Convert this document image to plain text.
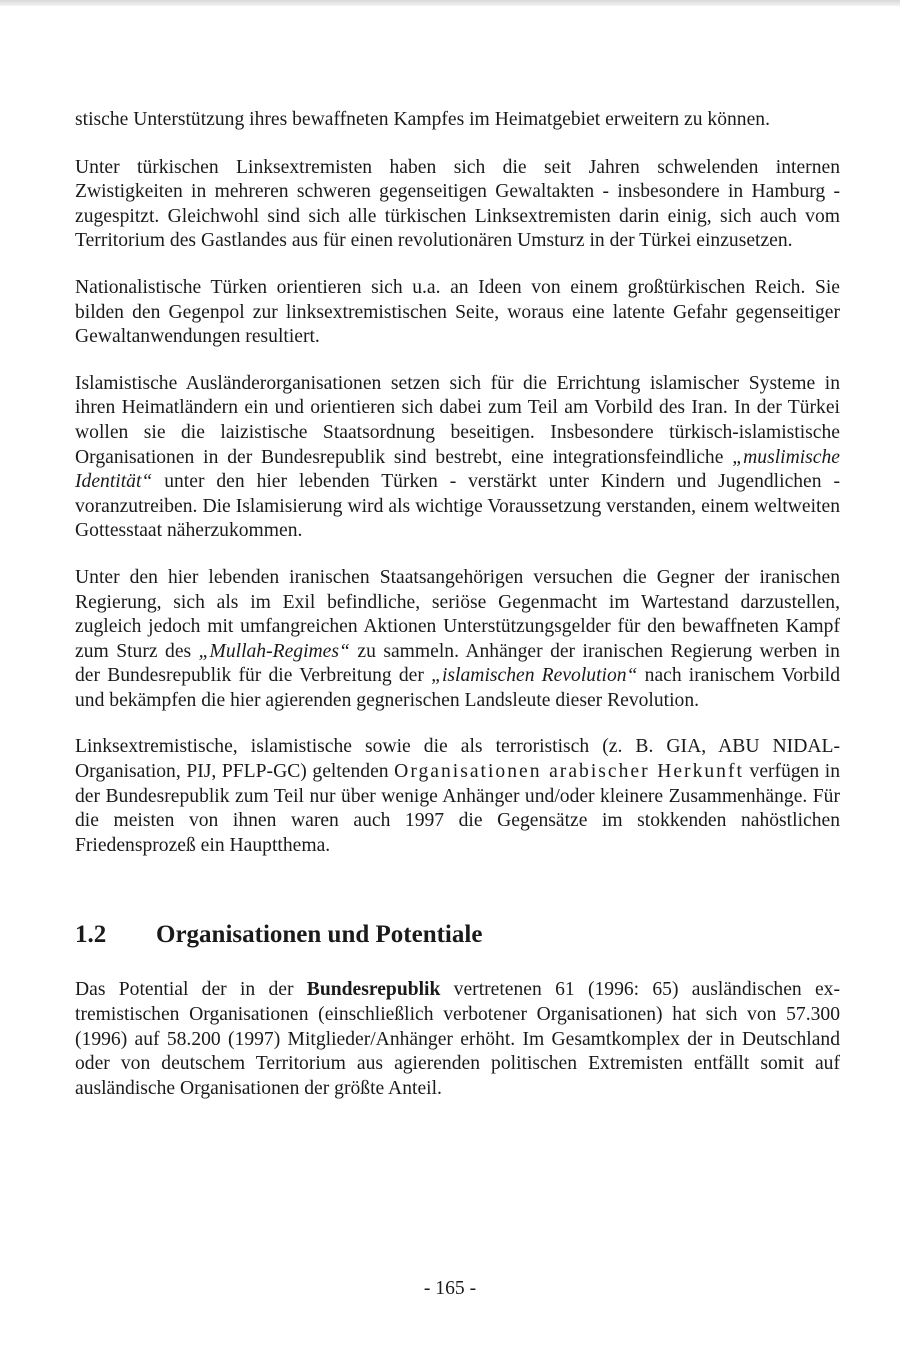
stische Unterstützung ihres bewaffneten Kampfes im Heimatgebiet erweitern zu können.

Unter türkischen Linksextremisten haben sich die seit Jahren schwelenden internen Zwistigkeiten in mehreren schweren gegenseitigen Gewaltakten - insbesondere in Hamburg - zugespitzt. Gleichwohl sind sich alle türkischen Linksextremisten darin einig, sich auch vom Territorium des Gastlandes aus für einen revolutionären Umsturz in der Türkei einzusetzen.

Nationalistische Türken orientieren sich u.a. an Ideen von einem großtürkischen Reich. Sie bilden den Gegenpol zur linksextremistischen Seite, woraus eine latente Gefahr gegenseitiger Gewaltanwendungen resultiert.

Islamistische Ausländerorganisationen setzen sich für die Errichtung islamischer Systeme in ihren Heimatländern ein und orientieren sich dabei zum Teil am Vorbild des Iran. In der Türkei wollen sie die laizistische Staatsordnung beseitigen. Insbesondere türkisch-islamistische Organisationen in der Bundesrepublik sind bestrebt, eine integrationsfeindliche „muslimische Identität“ unter den hier lebenden Türken - verstärkt unter Kindern und Jugendlichen - voranzutreiben. Die Islamisierung wird als wichtige Voraussetzung verstanden, einem weltweiten Gottesstaat näherzukommen.

Unter den hier lebenden iranischen Staatsangehörigen versuchen die Gegner der iranischen Regierung, sich als im Exil befindliche, seriöse Gegenmacht im Wartestand darzustellen, zugleich jedoch mit umfangreichen Aktionen Unterstützungsgelder für den bewaffneten Kampf zum Sturz des „Mullah-Regimes“ zu sammeln. Anhänger der iranischen Regierung werben in der Bundesrepublik für die Verbreitung der „islamischen Revolution“ nach iranischem Vorbild und bekämpfen die hier agierenden gegnerischen Landsleute dieser Revolution.

Linksextremistische, islamistische sowie die als terroristisch (z. B. GIA, ABU NIDAL-Organisation, PIJ, PFLP-GC) geltenden Organisationen arabischer Herkunft verfügen in der Bundesrepublik zum Teil nur über wenige Anhänger und/oder kleinere Zusammenhänge. Für die meisten von ihnen waren auch 1997 die Gegensätze im stokkenden nahöstlichen Friedensprozeß ein Hauptthema.

1.2	Organisationen und Potentiale

Das Potential der in der Bundesrepublik vertretenen 61 (1996: 65) ausländischen extremistischen Organisationen (einschließlich verbotener Organisationen) hat sich von 57.300 (1996) auf 58.200 (1997) Mitglieder/Anhänger erhöht. Im Gesamtkomplex der in Deutschland oder von deutschem Territorium aus agierenden politischen Extremisten entfällt somit auf ausländische Organisationen der größte Anteil.

- 165 -
